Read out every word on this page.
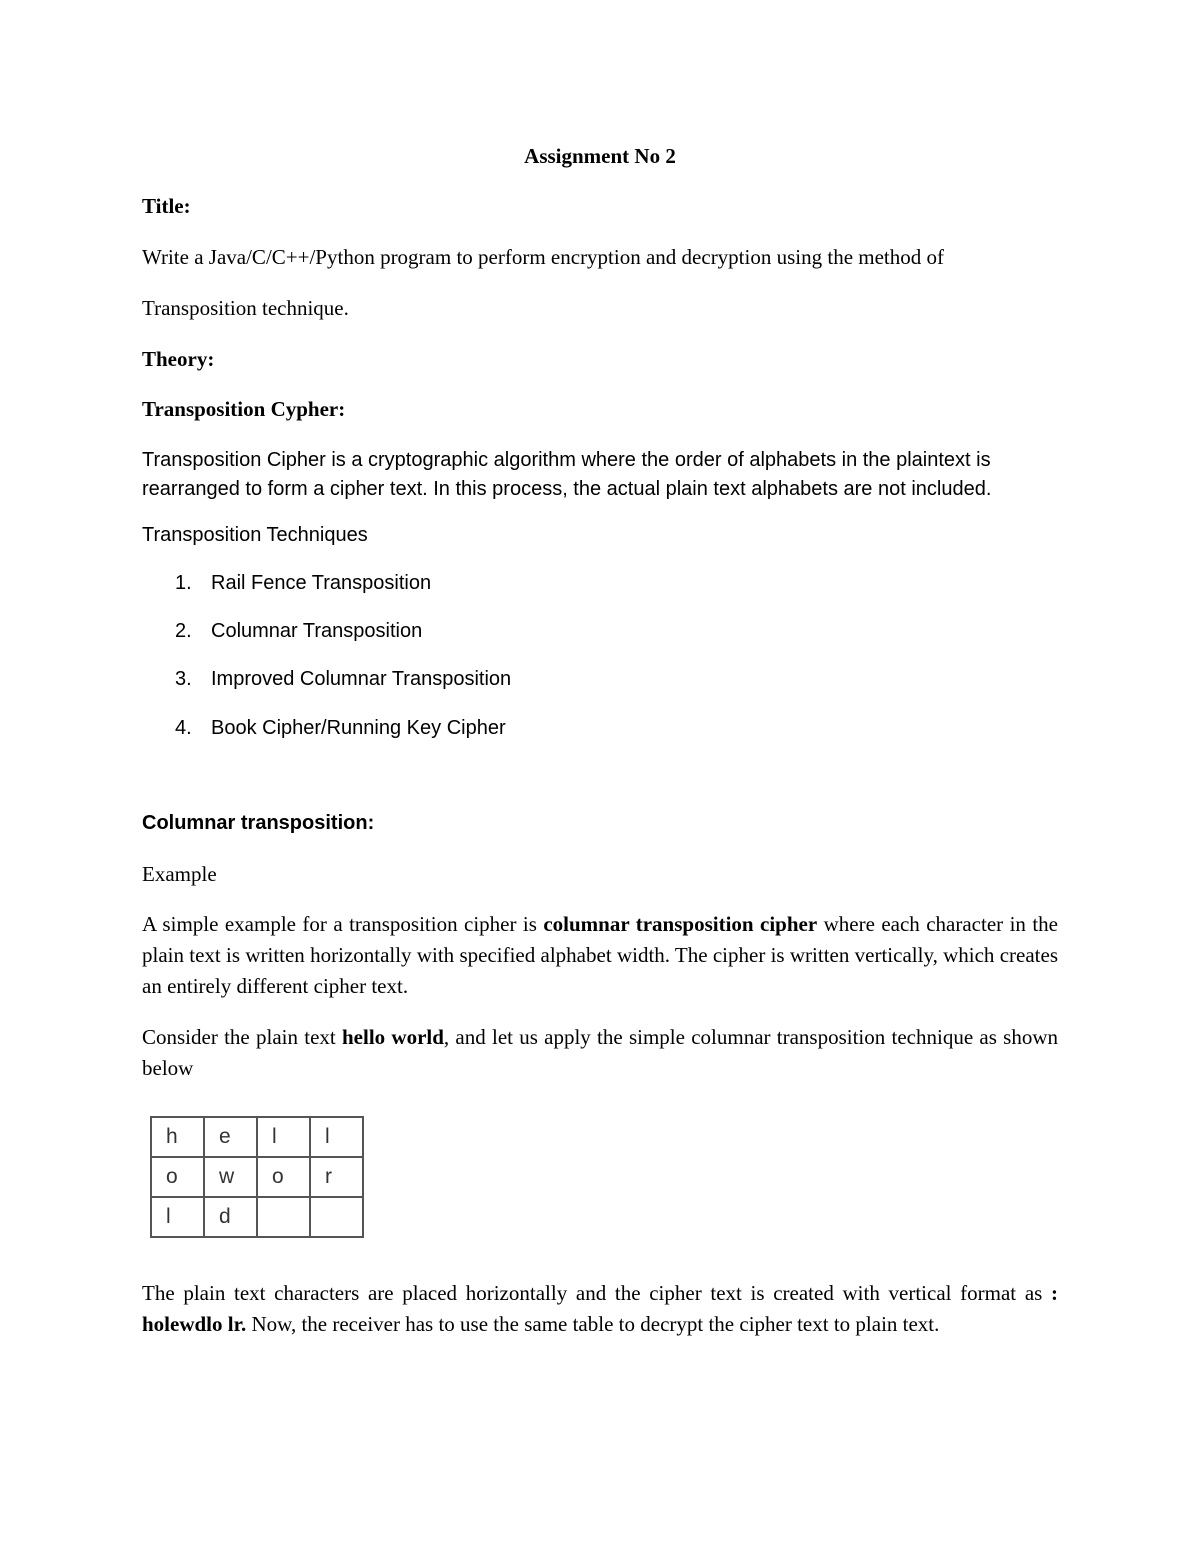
Assignment No 2
Title:
Write a Java/C/C++/Python program to perform encryption and decryption using the method of
Transposition technique.
Theory:
Transposition Cypher:
Transposition Cipher is a cryptographic algorithm where the order of alphabets in the plaintext is
rearranged to form a cipher text. In this process, the actual plain text alphabets are not included.
Transposition Techniques
1. Rail Fence Transposition
2. Columnar Transposition
3. Improved Columnar Transposition
4. Book Cipher/Running Key Cipher
Columnar transposition:
Example
A simple example for a transposition cipher is columnar transposition cipher where each character in the plain text is written horizontally with specified alphabet width. The cipher is written vertically, which creates an entirely different cipher text.
Consider the plain text hello world, and let us apply the simple columnar transposition technique as shown below
h	e	l	l
o	w	o	r
l	d		
The plain text characters are placed horizontally and the cipher text is created with vertical format as : holewdlo lr. Now, the receiver has to use the same table to decrypt the cipher text to plain text.
